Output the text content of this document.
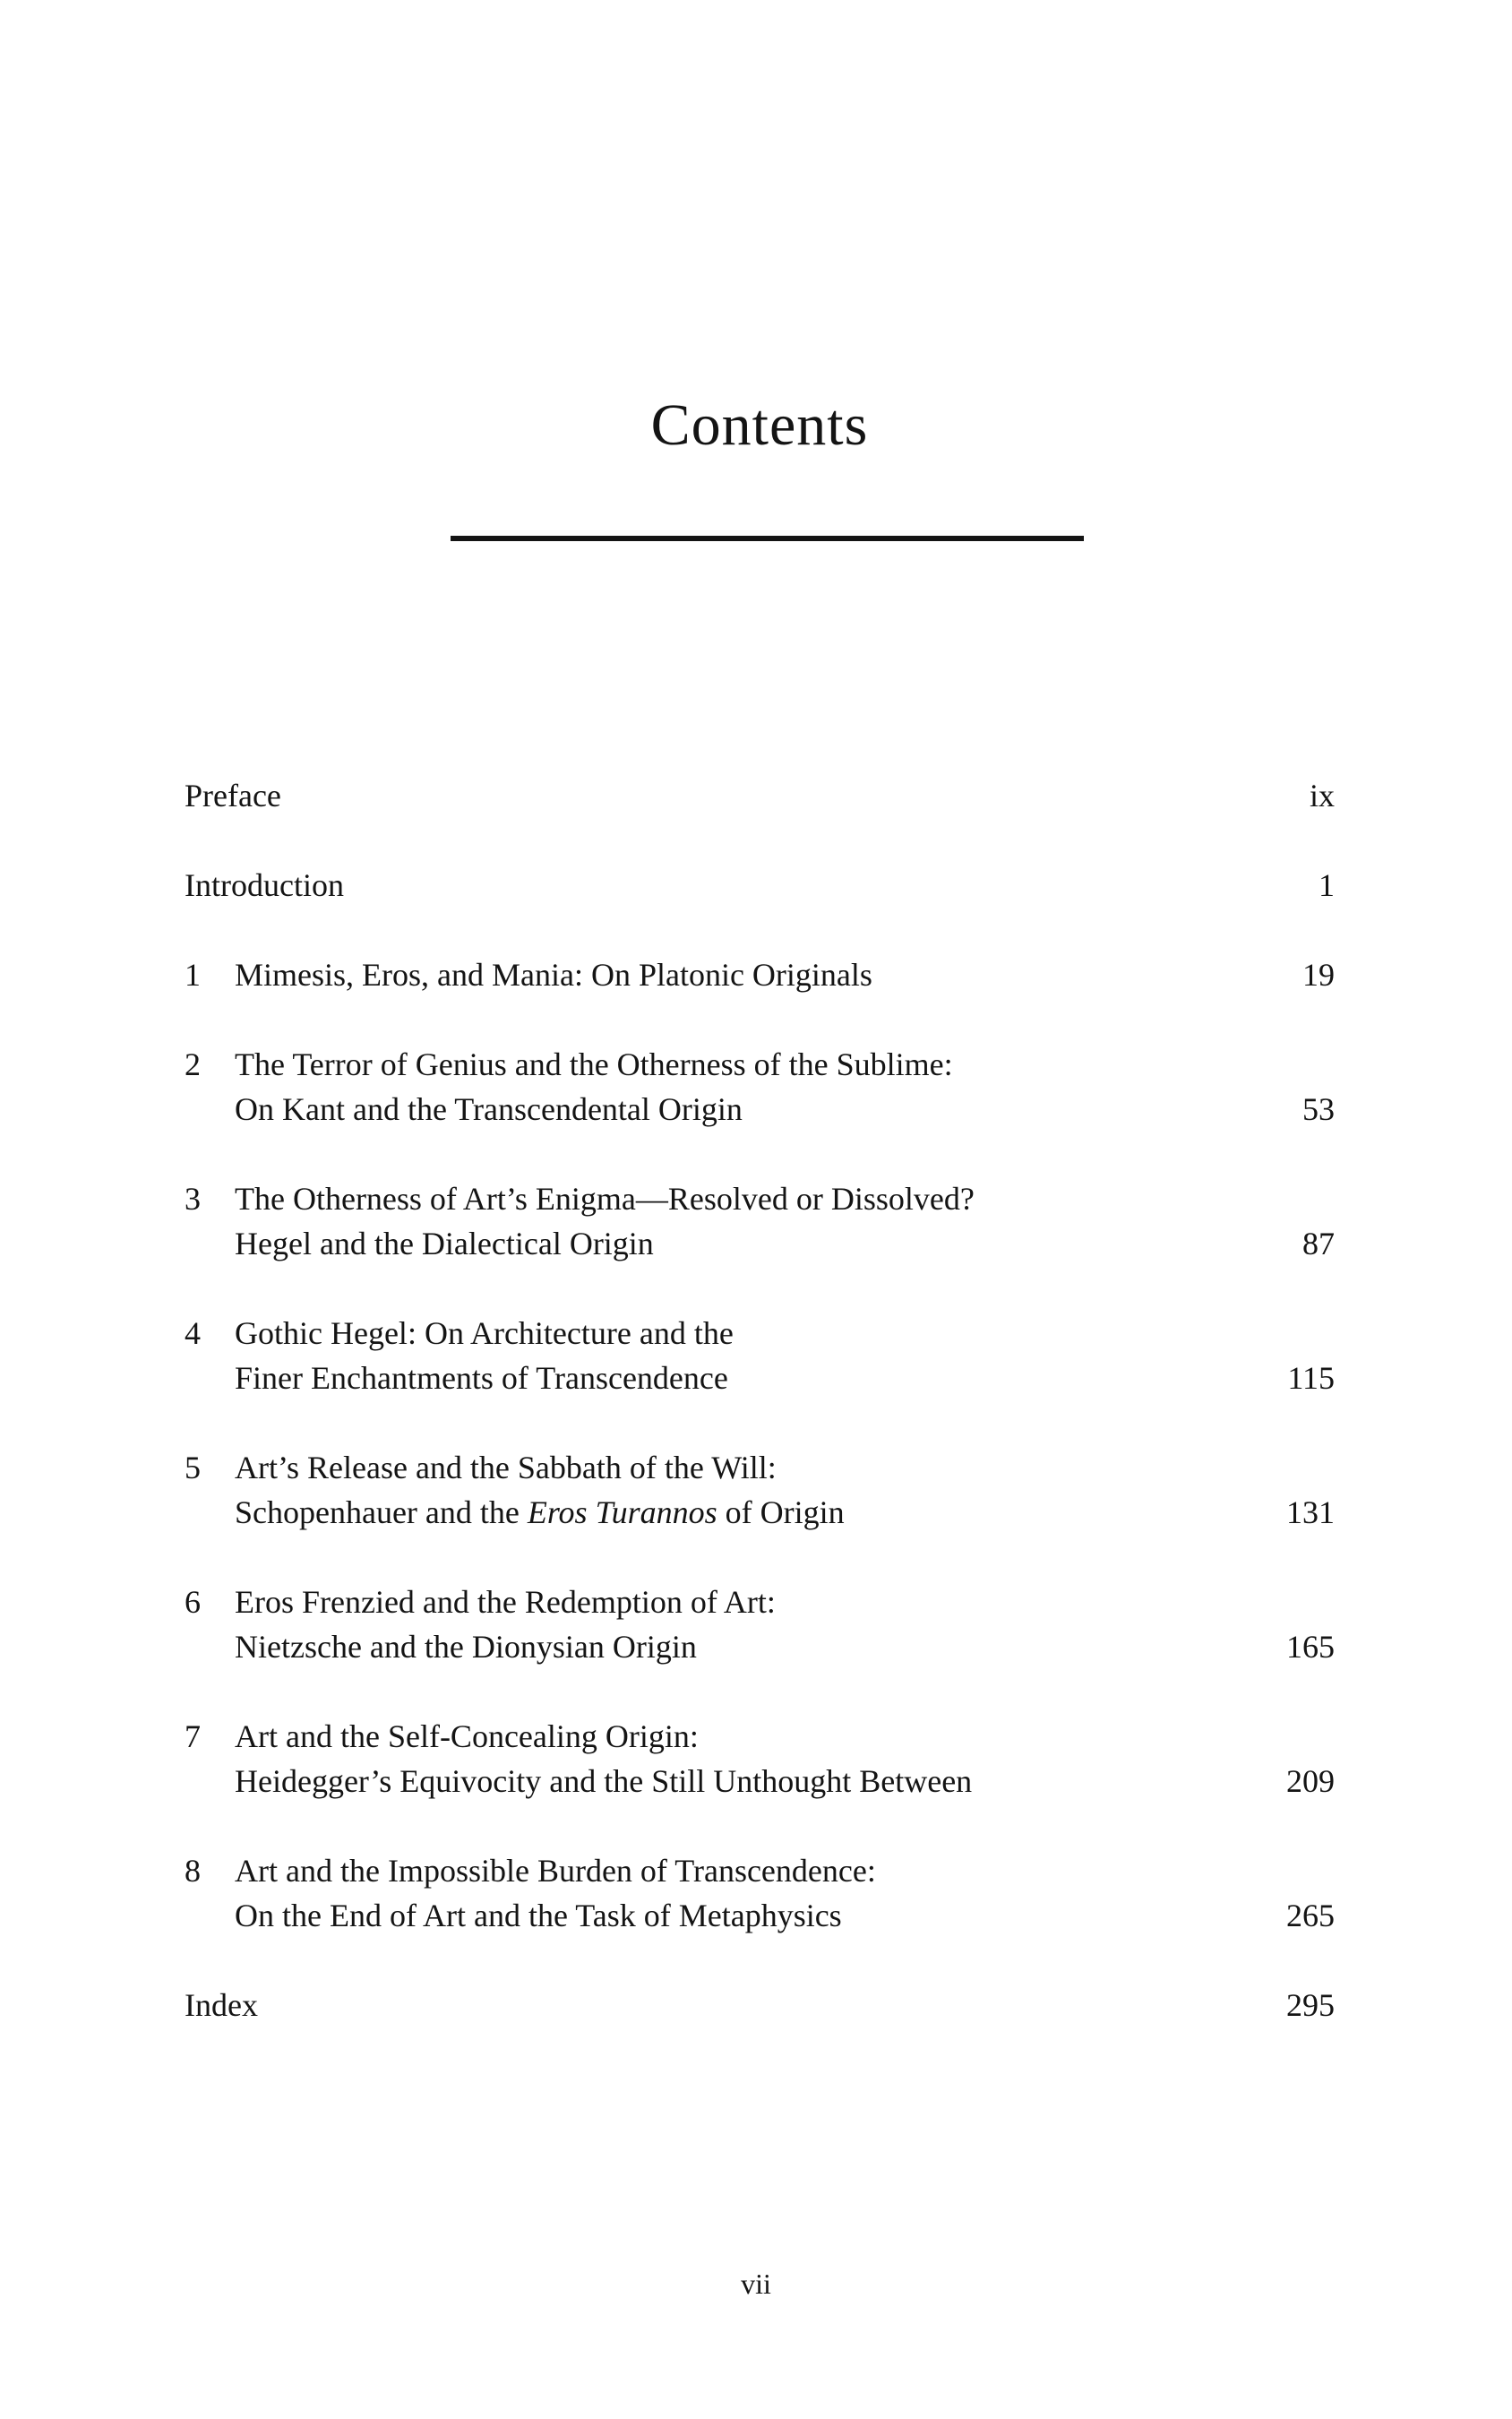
Contents
Preface	ix
Introduction	1
1	Mimesis, Eros, and Mania: On Platonic Originals	19
2	The Terror of Genius and the Otherness of the Sublime:
On Kant and the Transcendental Origin	53
3	The Otherness of Art’s Enigma—Resolved or Dissolved?
Hegel and the Dialectical Origin	87
4	Gothic Hegel: On Architecture and the
Finer Enchantments of Transcendence	115
5	Art’s Release and the Sabbath of the Will:
Schopenhauer and the Eros Turannos of Origin	131
6	Eros Frenzied and the Redemption of Art:
Nietzsche and the Dionysian Origin	165
7	Art and the Self-Concealing Origin:
Heidegger’s Equivocity and the Still Unthought Between	209
8	Art and the Impossible Burden of Transcendence:
On the End of Art and the Task of Metaphysics	265
Index	295
vii
